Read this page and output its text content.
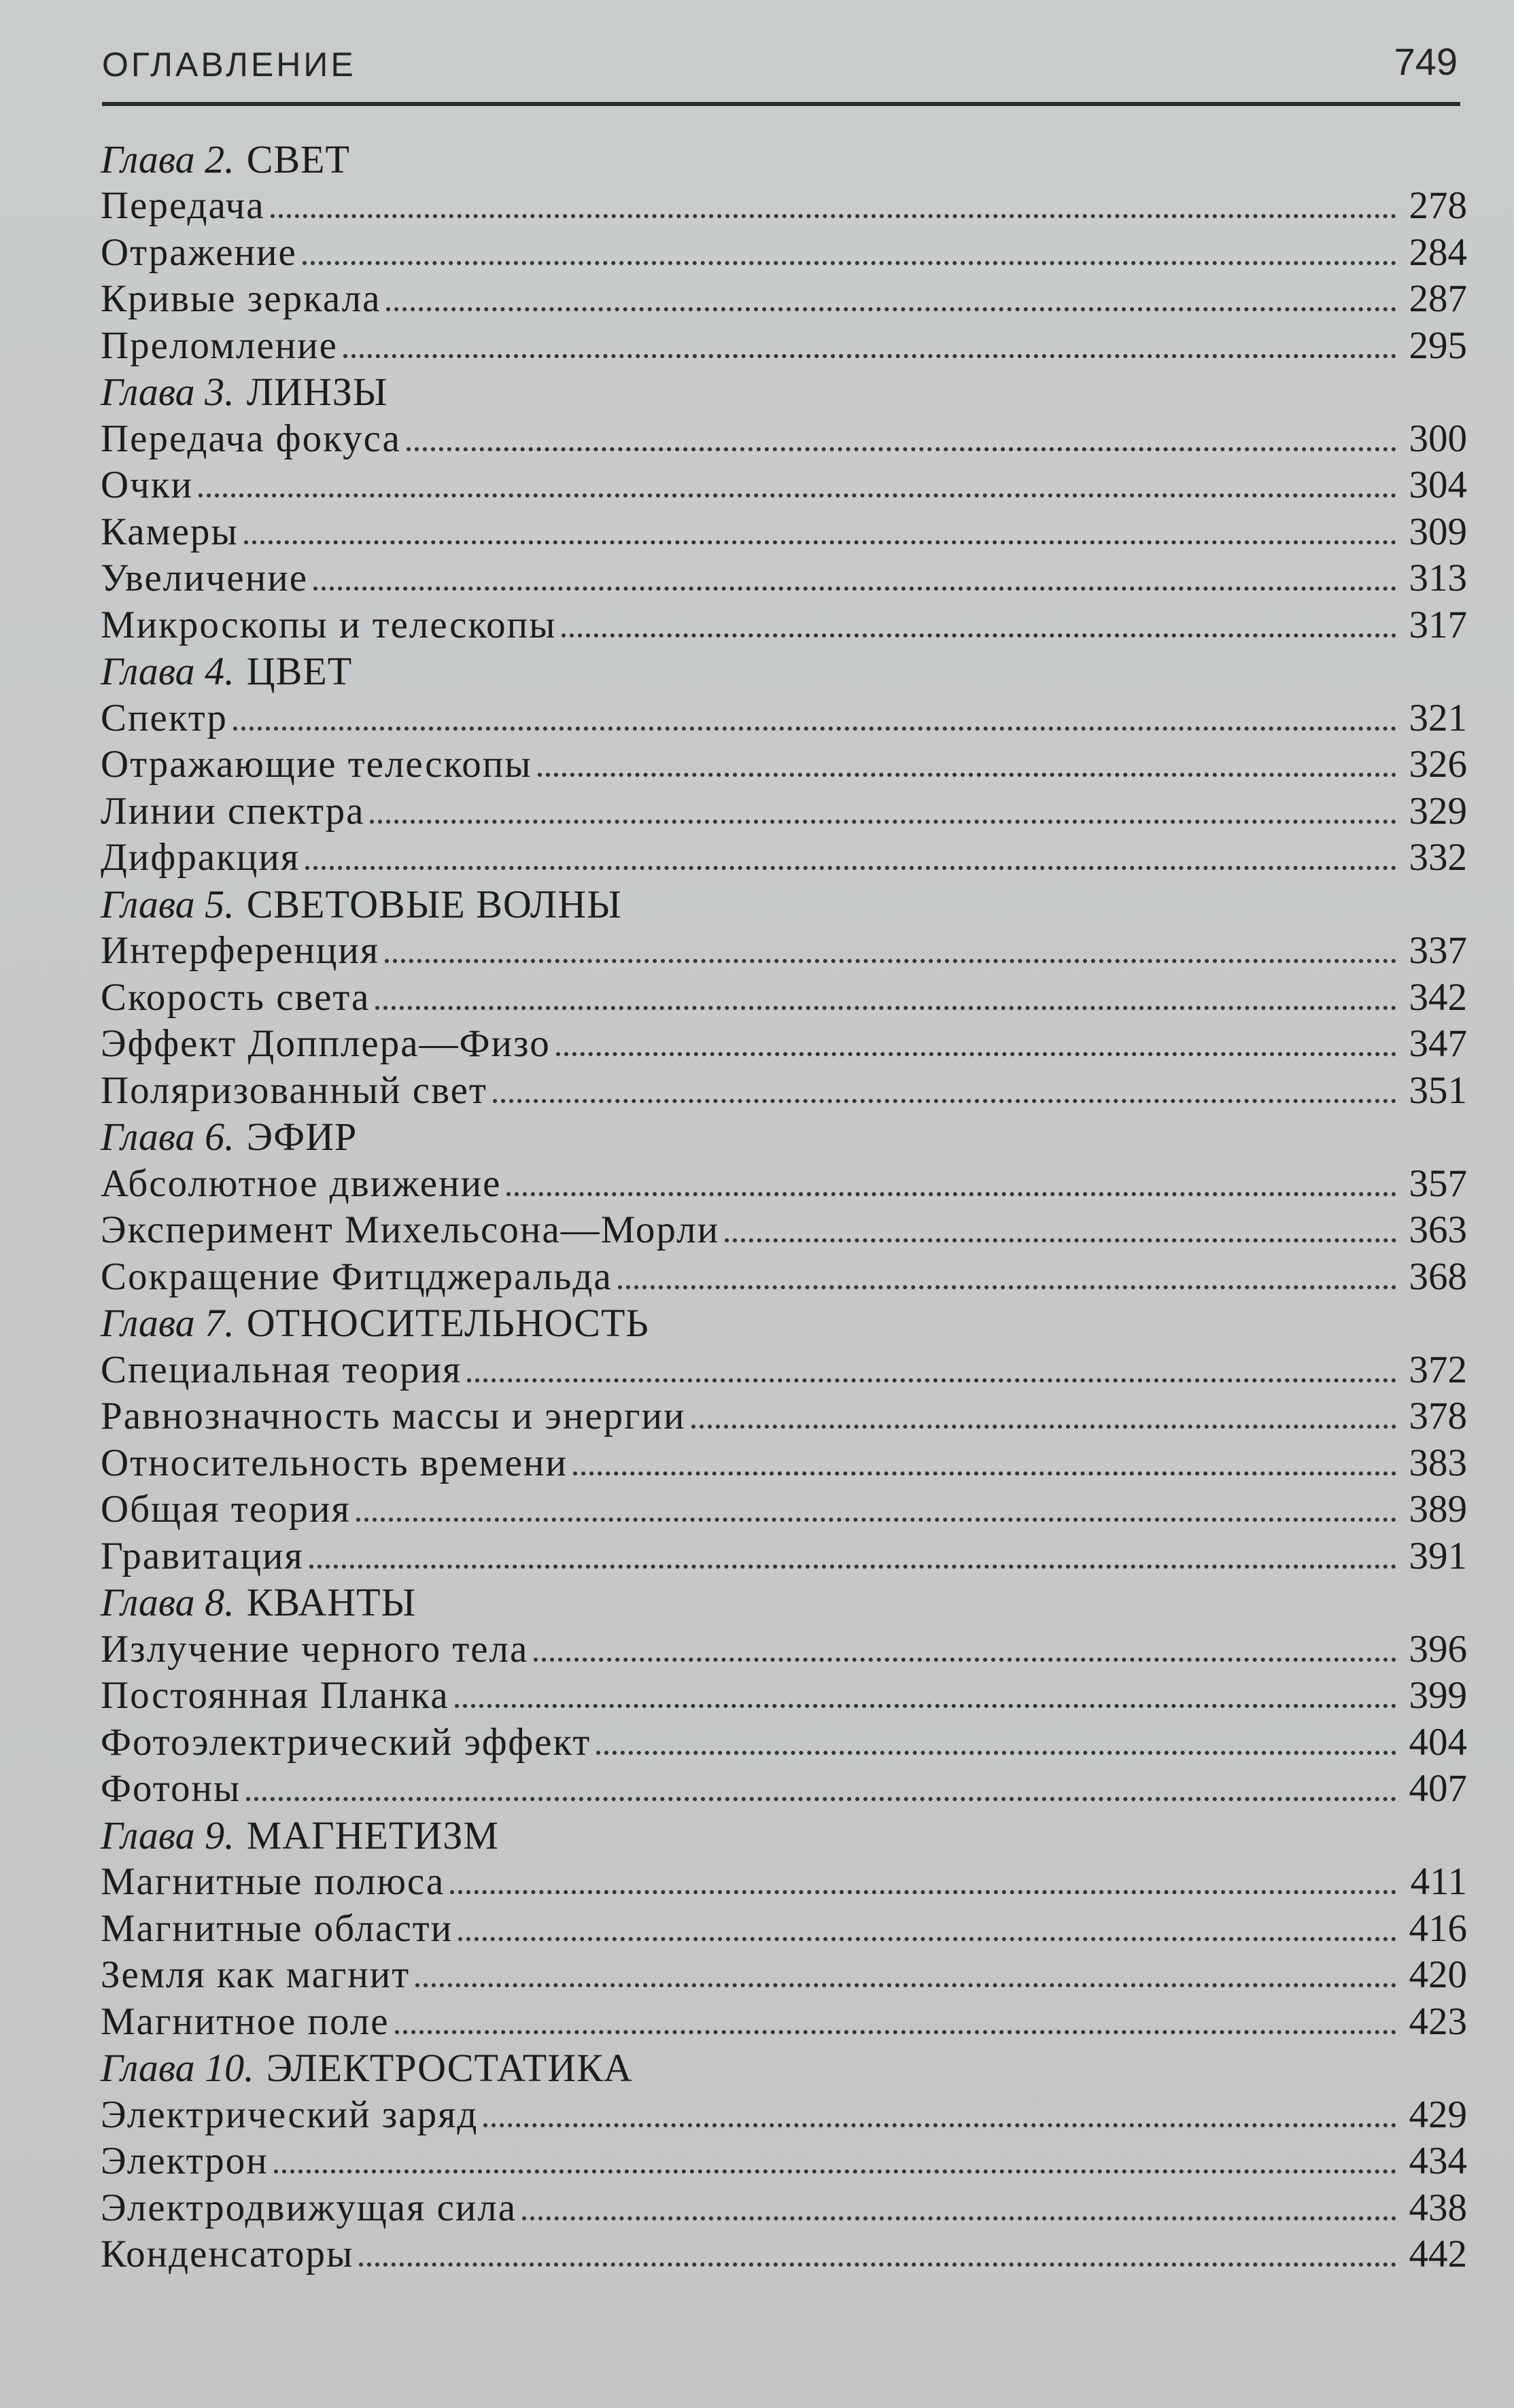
ОГЛАВЛЕНИЕ	749
Глава 2. СВЕТ
Передача	278
Отражение	284
Кривые зеркала	287
Преломление	295
Глава 3. ЛИНЗЫ
Передача фокуса	300
Очки	304
Камеры	309
Увеличение	313
Микроскопы и телескопы	317
Глава 4. ЦВЕТ
Спектр	321
Отражающие телескопы	326
Линии спектра	329
Дифракция	332
Глава 5. СВЕТОВЫЕ ВОЛНЫ
Интерференция	337
Скорость света	342
Эффект Допплера—Физо	347
Поляризованный свет	351
Глава 6. ЭФИР
Абсолютное движение	357
Эксперимент Михельсона—Морли	363
Сокращение Фитцджеральда	368
Глава 7. ОТНОСИТЕЛЬНОСТЬ
Специальная теория	372
Равнозначность массы и энергии	378
Относительность времени	383
Общая теория	389
Гравитация	391
Глава 8. КВАНТЫ
Излучение черного тела	396
Постоянная Планка	399
Фотоэлектрический эффект	404
Фотоны	407
Глава 9. МАГНЕТИЗМ
Магнитные полюса	411
Магнитные области	416
Земля как магнит	420
Магнитное поле	423
Глава 10. ЭЛЕКТРОСТАТИКА
Электрический заряд	429
Электрон	434
Электродвижущая сила	438
Конденсаторы	442
